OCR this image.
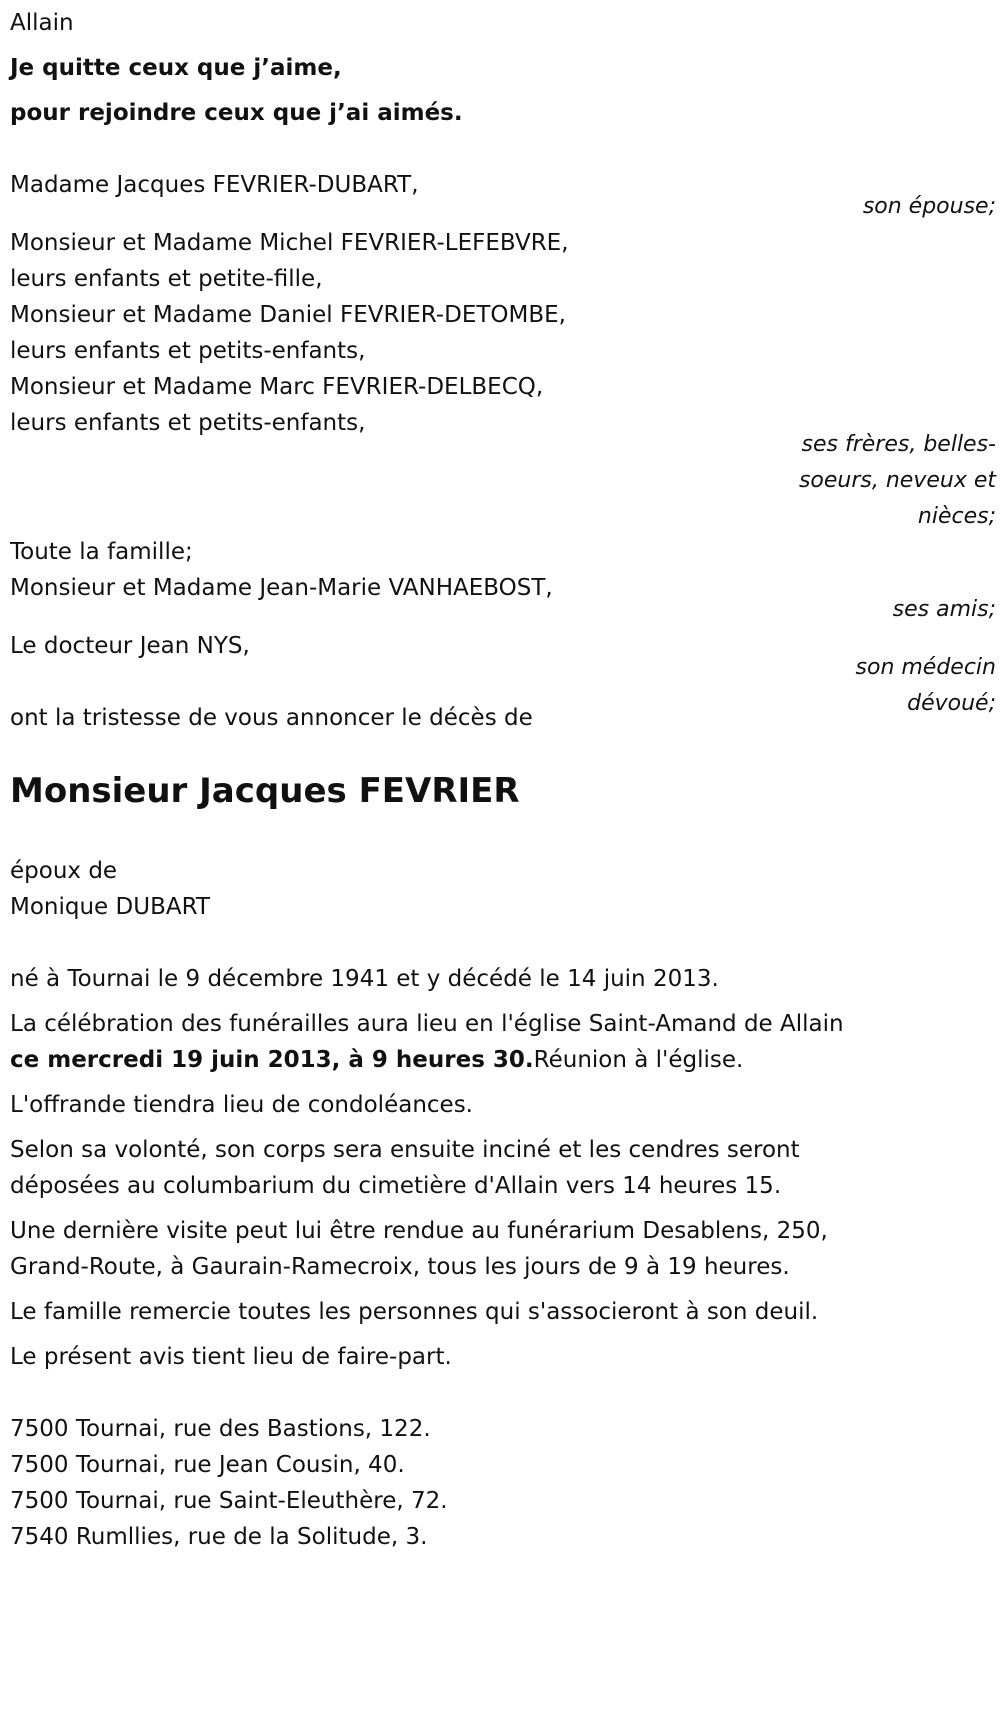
Allain

Je quitte ceux que j’aime,

pour rejoindre ceux que j’ai aimés.

Madame Jacques FEVRIER-DUBART,

son épouse;

Monsieur et Madame Michel FEVRIER-LEFEBVRE,

leurs enfants et petite-fille,

Monsieur et Madame Daniel FEVRIER-DETOMBE,

leurs enfants et petits-enfants,

Monsieur et Madame Marc FEVRIER-DELBECQ,

leurs enfants et petits-enfants,

ses frères, belles-

soeurs, neveux et

nièces;

Toute la famille;

Monsieur et Madame Jean-Marie VANHAEBOST,

ses amis;

Le docteur Jean NYS,

son médecin

dévoué;

ont la tristesse de vous annoncer le décès de

Monsieur Jacques FEVRIER

époux de

Monique DUBART

né à Tournai le 9 décembre 1941 et y décédé le 14 juin 2013.

La célébration des funérailles aura lieu en l'église Saint-Amand de Allain

ce mercredi 19 juin 2013, à 9 heures 30.Réunion à l'église.

L'offrande tiendra lieu de condoléances.

Selon sa volonté, son corps sera ensuite inciné et les cendres seront

déposées au columbarium du cimetière d'Allain vers 14 heures 15.

Une dernière visite peut lui être rendue au funérarium Desablens, 250,

Grand-Route, à Gaurain-Ramecroix, tous les jours de 9 à 19 heures.

Le famille remercie toutes les personnes qui s'associeront à son deuil.

Le présent avis tient lieu de faire-part.

7500 Tournai, rue des Bastions, 122.

7500 Tournai, rue Jean Cousin, 40.

7500 Tournai, rue Saint-Eleuthère, 72.

7540 Rumllies, rue de la Solitude, 3.
